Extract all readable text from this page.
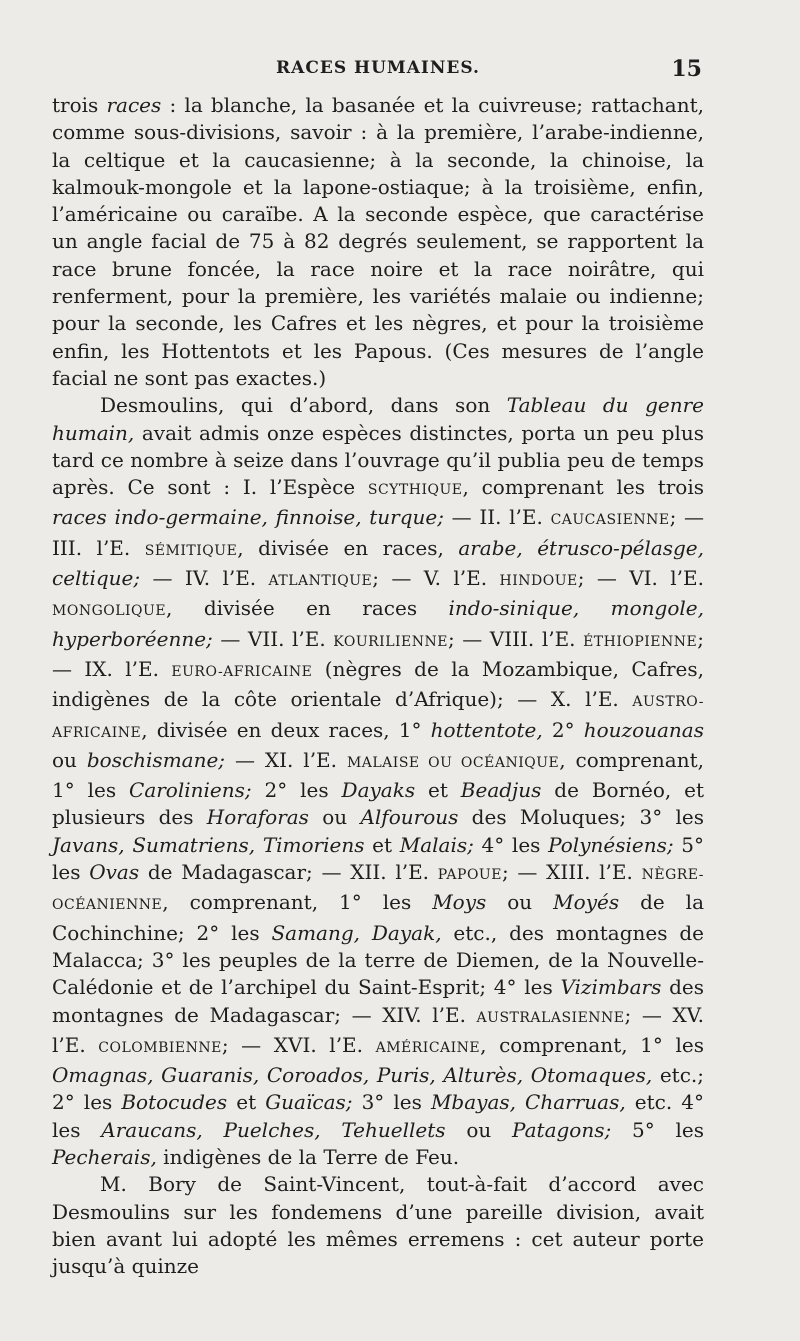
RACES HUMAINES.	15

trois races : la blanche, la basanée et la cuivreuse; rattachant, comme sous-divisions, savoir : à la première, l’arabe-indienne, la celtique et la caucasienne; à la seconde, la chinoise, la kalmouk-mongole et la lapone-ostiaque; à la troisième, enfin, l’américaine ou caraïbe. A la seconde espèce, que caractérise un angle facial de 75 à 82 degrés seulement, se rapportent la race brune foncée, la race noire et la race noirâtre, qui renferment, pour la première, les variétés malaie ou indienne; pour la seconde, les Cafres et les nègres, et pour la troisième enfin, les Hottentots et les Papous. (Ces mesures de l’angle facial ne sont pas exactes.)

Desmoulins, qui d’abord, dans son Tableau du genre humain, avait admis onze espèces distinctes, porta un peu plus tard ce nombre à seize dans l’ouvrage qu’il publia peu de temps après. Ce sont : I. l’Espèce SCYTHIQUE, comprenant les trois races indo-germaine, finnoise, turque; — II. l’E. CAUCASIENNE; — III. l’E. SÉMITIQUE, divisée en races, arabe, étrusco-pélasge, celtique; — IV. l’E. ATLANTIQUE; — V. l’E. HINDOUE; — VI. l’E. MONGOLIQUE, divisée en races indo-sinique, mongole, hyperboréenne; — VII. l’E. KOURILIENNE; — VIII. l’E. ÉTHIOPIENNE; — IX. l’E. EURO-AFRICAINE (nègres de la Mozambique, Cafres, indigènes de la côte orientale d’Afrique); — X. l’E. AUSTRO-AFRICAINE, divisée en deux races, 1° hottentote, 2° houzouanas ou boschismane; — XI. l’E. MALAISE OU OCÉANIQUE, comprenant, 1° les Caroliniens; 2° les Dayaks et Beadjus de Bornéo, et plusieurs des Horaforas ou Alfourous des Moluques; 3° les Javans, Sumatriens, Timoriens et Malais; 4° les Polynésiens; 5° les Ovas de Madagascar; — XII. l’E. PAPOUE; — XIII. l’E. NÈGRE-OCÉANIENNE, comprenant, 1° les Moys ou Moyés de la Cochinchine; 2° les Samang, Dayak, etc., des montagnes de Malacca; 3° les peuples de la terre de Diemen, de la Nouvelle-Calédonie et de l’archipel du Saint-Esprit; 4° les Vizimbars des montagnes de Madagascar; — XIV. l’E. AUSTRALASIENNE; — XV. l’E. COLOMBIENNE; — XVI. l’E. AMÉRICAINE, comprenant, 1° les Omagnas, Guaranis, Coroados, Puris, Alturès, Otomaques, etc.; 2° les Botocudes et Guaïcas; 3° les Mbayas, Charruas, etc. 4° les Araucans, Puelches, Tehuellets ou Patagons; 5° les Pecherais, indigènes de la Terre de Feu.

M. Bory de Saint-Vincent, tout-à-fait d’accord avec Desmoulins sur les fondemens d’une pareille division, avait bien avant lui adopté les mêmes erremens : cet auteur porte jusqu’à quinze
